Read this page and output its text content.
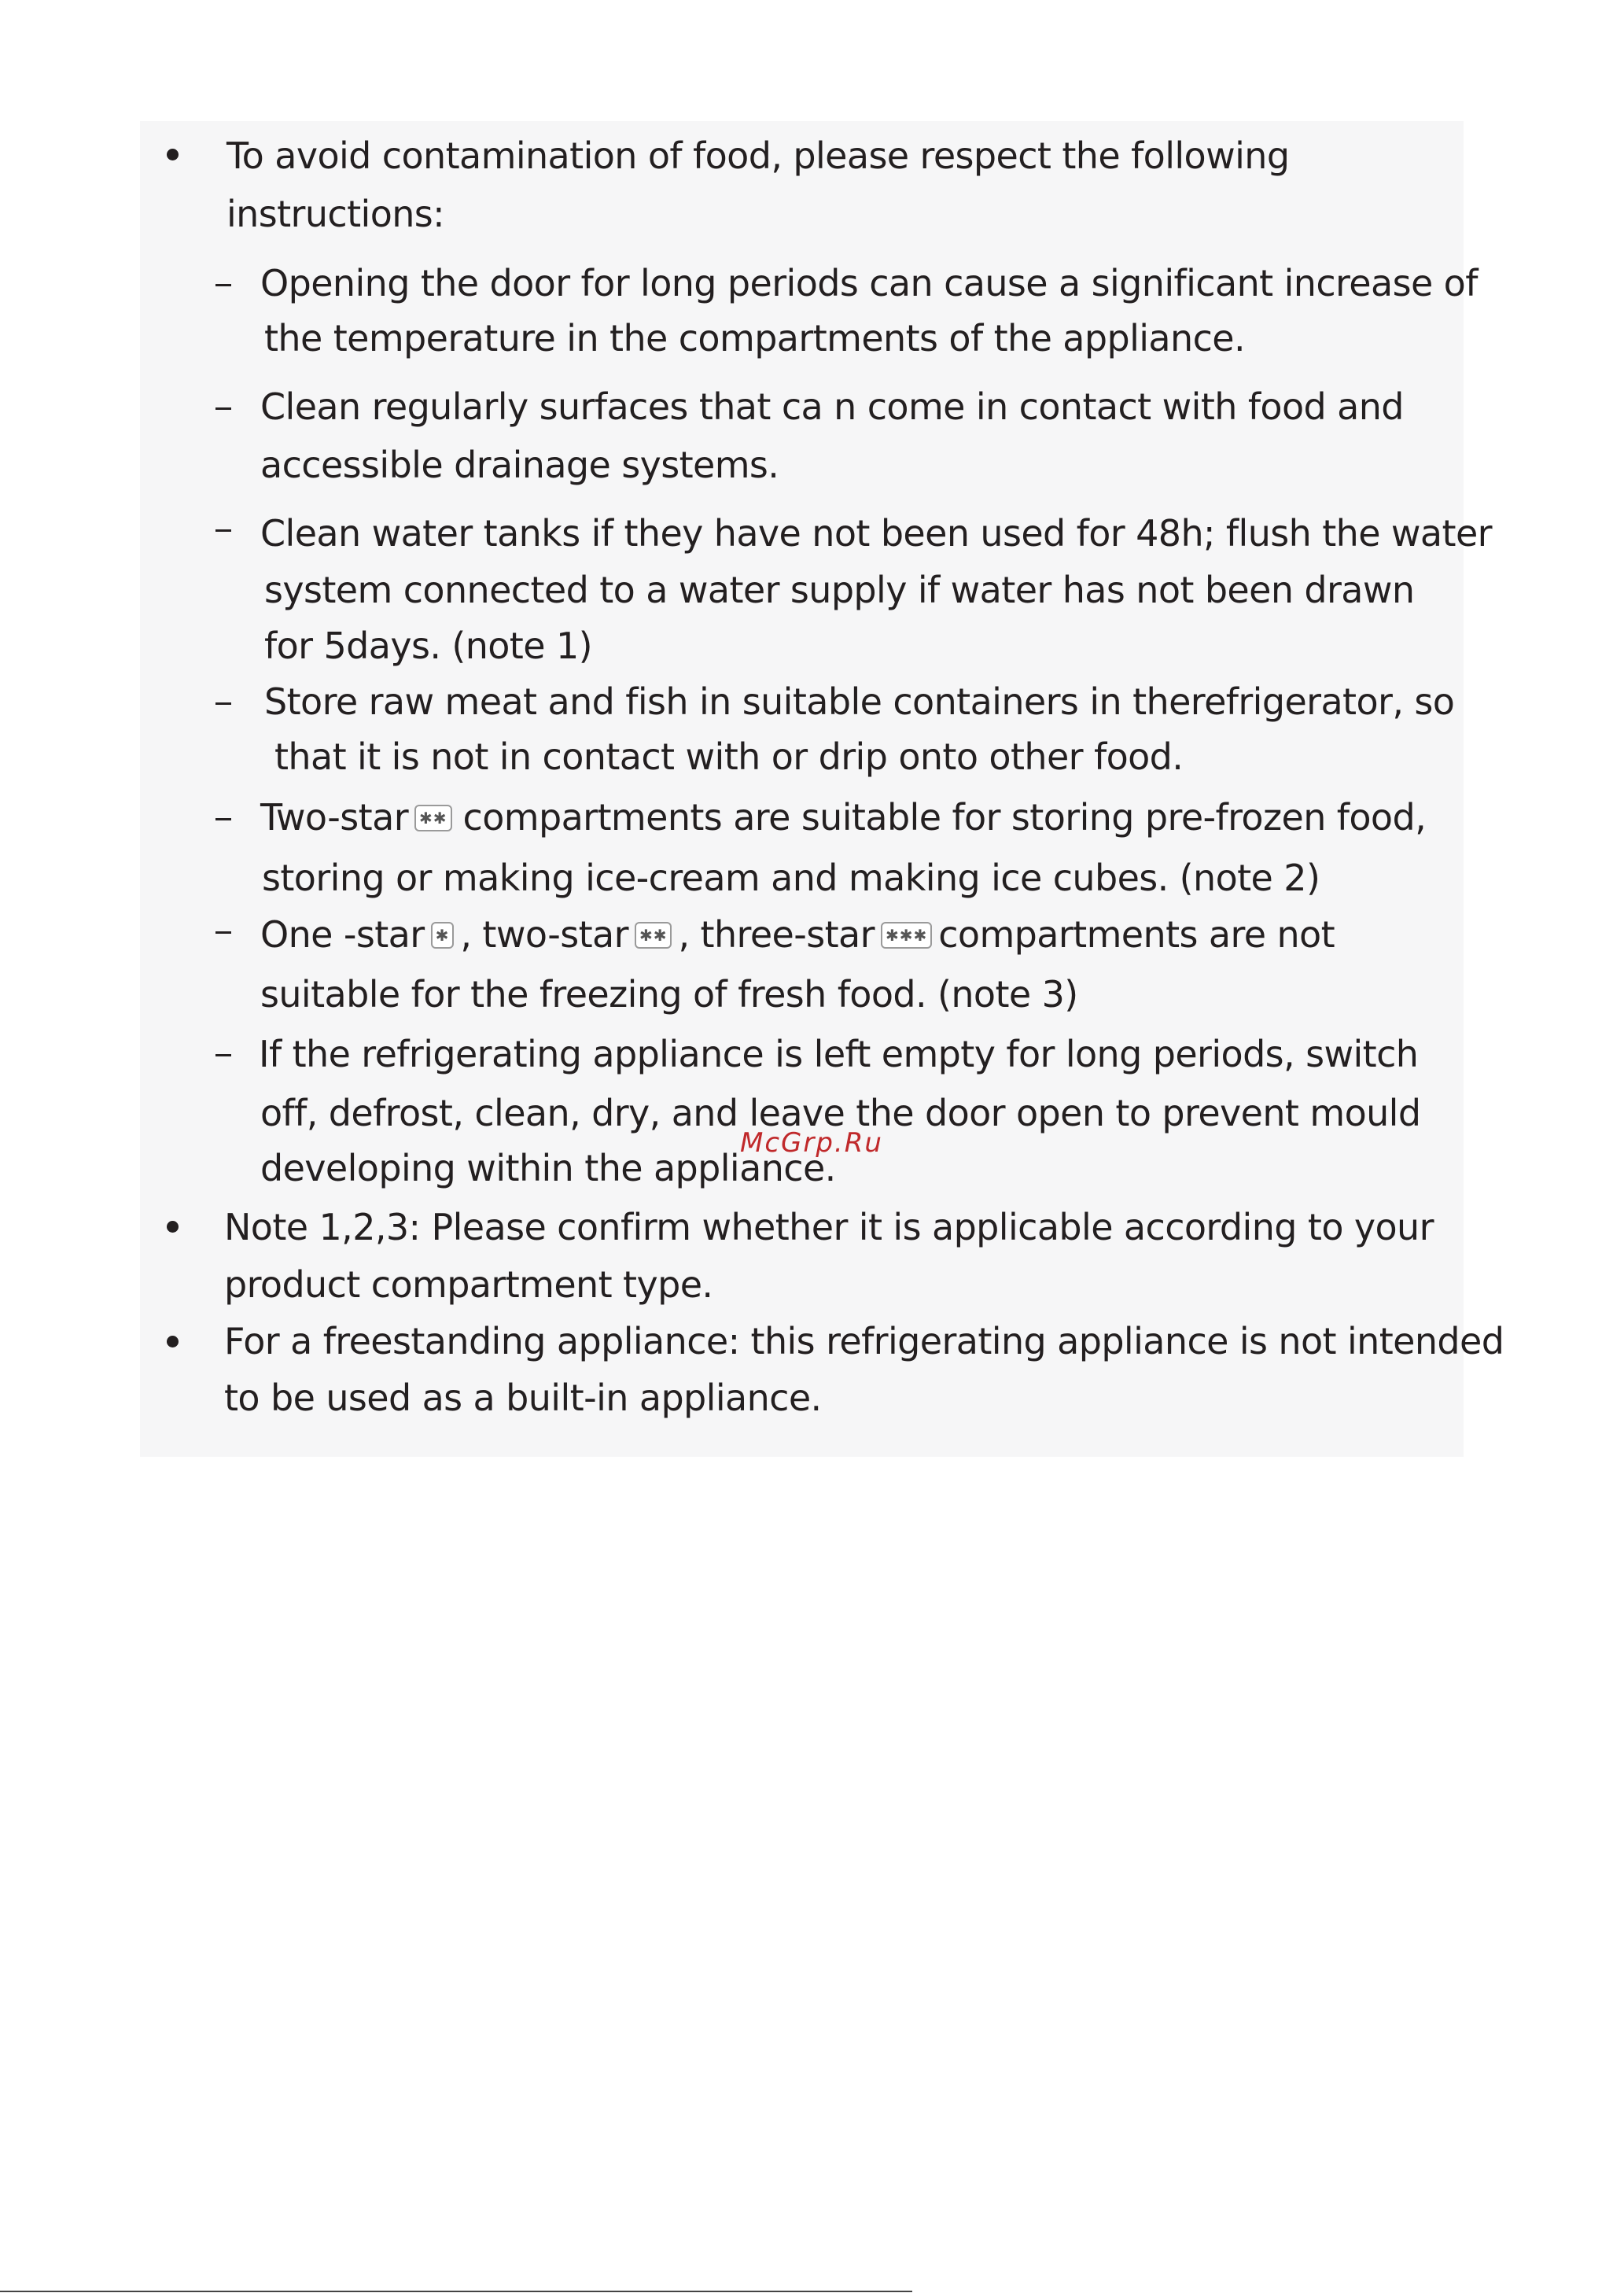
To avoid contamination of food, please respect the following
instructions:
Opening the door for long periods can cause a significant increase of
the temperature in the compartments of the appliance.
Clean regularly surfaces that ca n come in contact with food and
accessible drainage systems.
Clean water tanks if they have not been used for 48h; flush the water
system connected to a water supply if water has not been drawn
for 5days. (note 1)
Store raw meat and fish in suitable containers in therefrigerator, so
that it is not in contact with or drip onto other food.
Two-star ✱✱ compartments are suitable for storing pre-frozen food,
storing or making ice-cream and making ice cubes. (note 2)
One -star ✱ , two-star ✱✱ , three-star ✱✱✱ compartments are not
suitable for the freezing of fresh food. (note 3)
If the refrigerating appliance is left empty for long periods, switch
off, defrost, clean, dry, and leave the door open to prevent mould
developing within the appliance.
McGrp.Ru
Note 1,2,3: Please confirm whether it is applicable according to your
product compartment type.
For a freestanding appliance: this refrigerating appliance is not intended
to be used as a built-in appliance.
